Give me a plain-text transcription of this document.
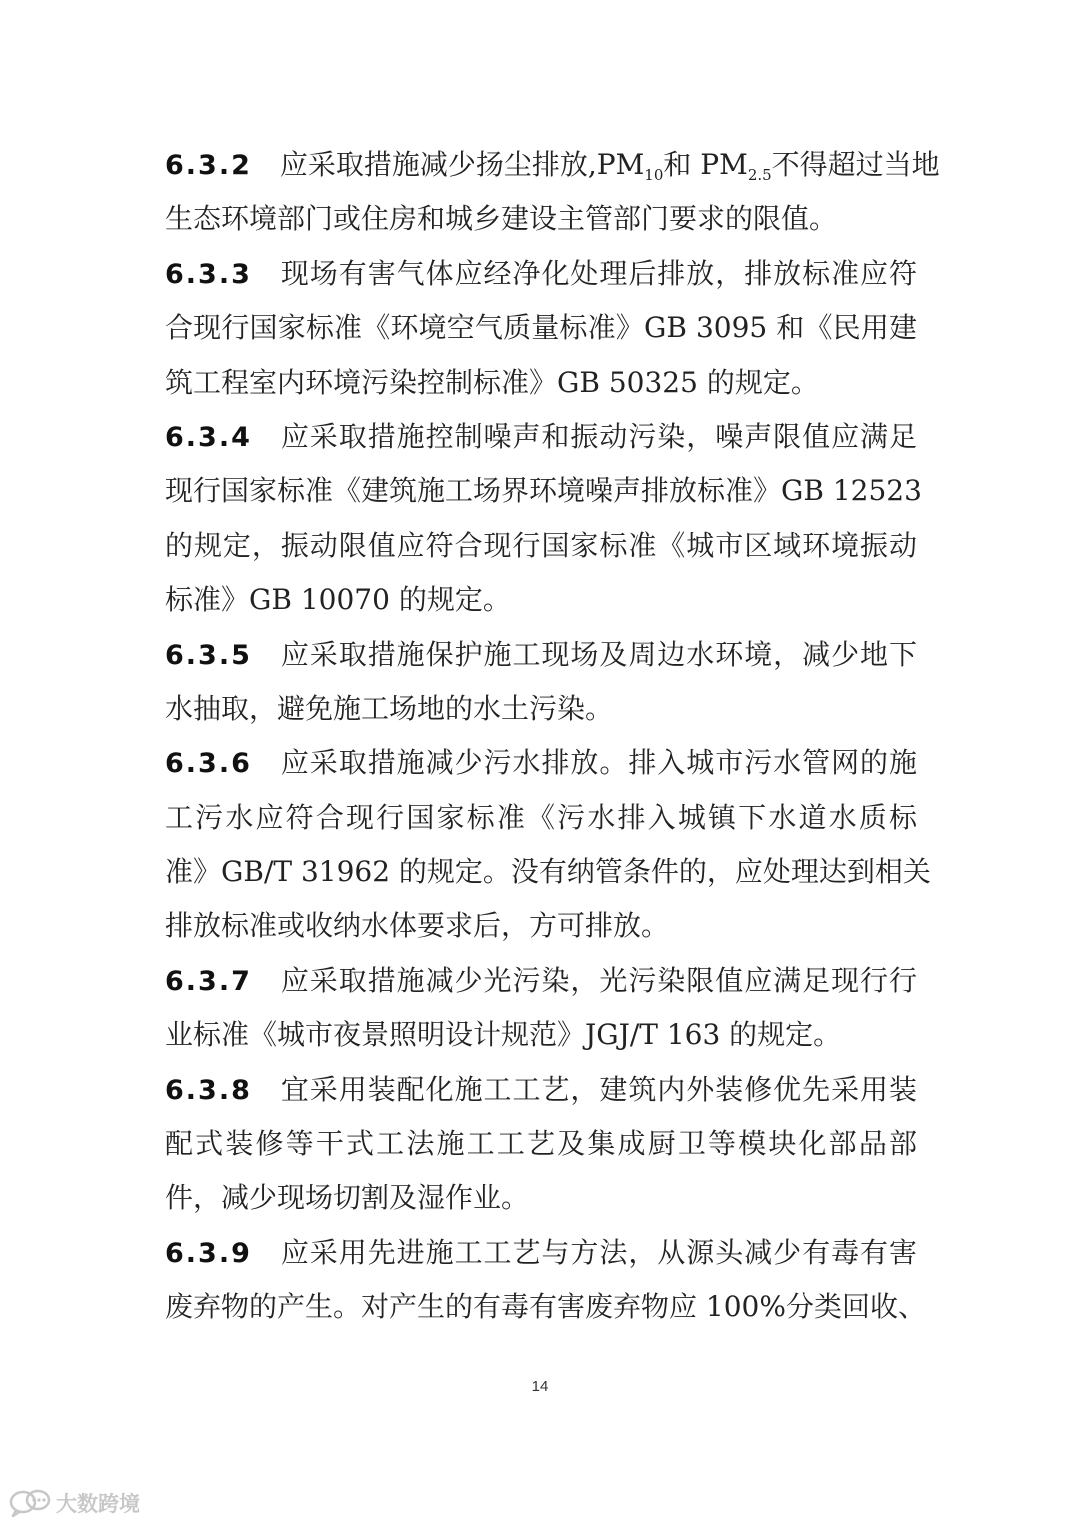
6.3.2 应采取措施减少扬尘排放$,PM_{10}$和 $PM_{2.5}$不得超过当地
生态环境部门或住房和城乡建设主管部门要求的限值。
6.3.3 现场有害气体应经净化处理后排放，排放标准应符
合现行国家标准《环境空气质量标准》GB 3095 和《民用建
筑工程室内环境污染控制标准》GB 50325 的规定。
6.3.4 应采取措施控制噪声和振动污染，噪声限值应满足
现行国家标准《建筑施工场界环境噪声排放标准》GB 12523
的规定，振动限值应符合现行国家标准《城市区域环境振动
标准》GB 10070 的规定。
6.3.5 应采取措施保护施工现场及周边水环境，减少地下
水抽取，避免施工场地的水土污染。
6.3.6 应采取措施减少污水排放。排入城市污水管网的施
工污水应符合现行国家标准《污水排入城镇下水道水质标
准》GB/T 31962 的规定。没有纳管条件的，应处理达到相关
排放标准或收纳水体要求后，方可排放。
6.3.7 应采取措施减少光污染，光污染限值应满足现行行
业标准《城市夜景照明设计规范》JGJ/T 163 的规定。
6.3.8 宜采用装配化施工工艺，建筑内外装修优先采用装
配式装修等干式工法施工工艺及集成厨卫等模块化部品部
件，减少现场切割及湿作业。
6.3.9 应采用先进施工工艺与方法，从源头减少有毒有害
废弃物的产生。对产生的有毒有害废弃物应 100%分类回收、
14
大数跨境
